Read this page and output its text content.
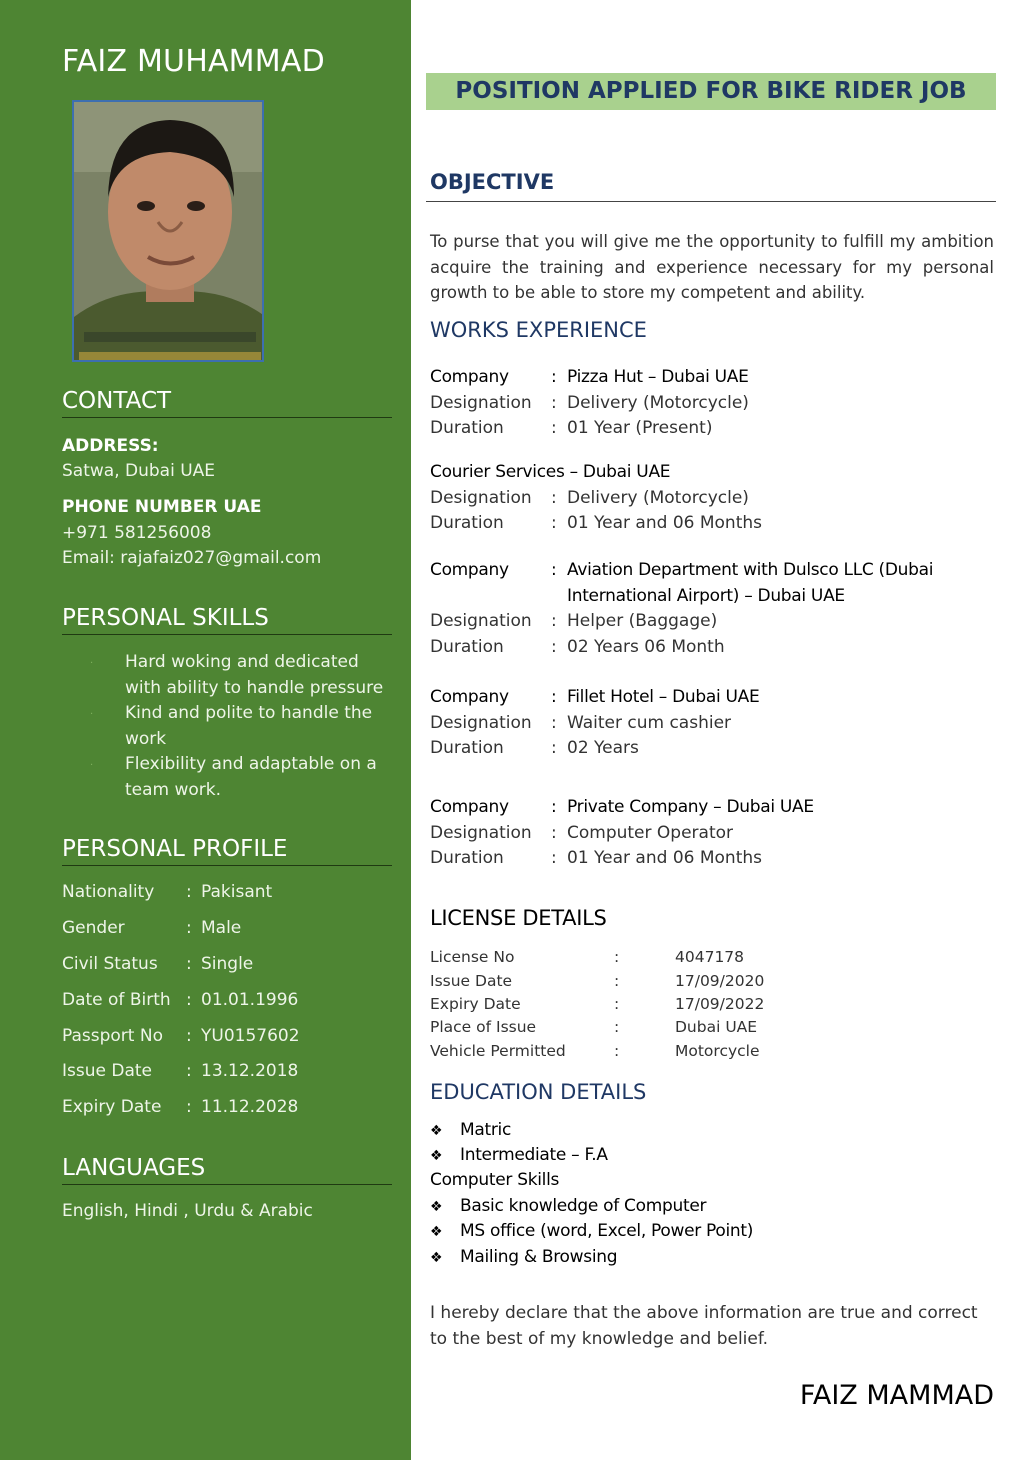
FAIZ MUHAMMAD
CONTACT
ADDRESS:
Satwa, Dubai UAE
PHONE NUMBER UAE
+971 581256008
Email: rajafaiz027@gmail.com
PERSONAL SKILLS
. Hard woking and dedicated with ability to handle pressure
. Kind and polite to handle the work
. Flexibility and adaptable on a team work.
PERSONAL PROFILE
Nationality	: Pakisant
Gender	: Male
Civil Status	: Single
Date of Birth : 01.01.1996
Passport No	: YU0157602
Issue Date	: 13.12.2018
Expiry Date	: 11.12.2028
LANGUAGES
English, Hindi , Urdu & Arabic
POSITION APPLIED FOR BIKE RIDER JOB
OBJECTIVE
To purse that you will give me the opportunity to fulfill my ambition acquire the training and experience necessary for my personal growth to be able to store my competent and ability.
WORKS EXPERIENCE
Company : Pizza Hut – Dubai UAE
Designation : Delivery (Motorcycle)
Duration	: 01 Year (Present)
Courier Services – Dubai UAE
Designation : Delivery (Motorcycle)
Duration	: 01 Year and 06 Months
Company : Aviation Department with Dulsco LLC (Dubai
International Airport) – Dubai UAE
Designation : Helper (Baggage)
Duration	: 02 Years 06 Month
Company : Fillet Hotel – Dubai UAE
Designation : Waiter cum cashier
Duration	: 02 Years
Company : Private Company – Dubai UAE
Designation : Computer Operator
Duration	: 01 Year and 06 Months
LICENSE DETAILS
License No	:	4047178
Issue Date	:	17/09/2020
Expiry Date	:	17/09/2022
Place of Issue	:	Dubai UAE
Vehicle Permitted	:	Motorcycle
EDUCATION DETAILS
❖ Matric
❖ Intermediate – F.A
Computer Skills
❖ Basic knowledge of Computer
❖ MS office (word, Excel, Power Point)
❖ Mailing & Browsing
I hereby declare that the above information are true and correct to the best of my knowledge and belief.
FAIZ MAMMAD
